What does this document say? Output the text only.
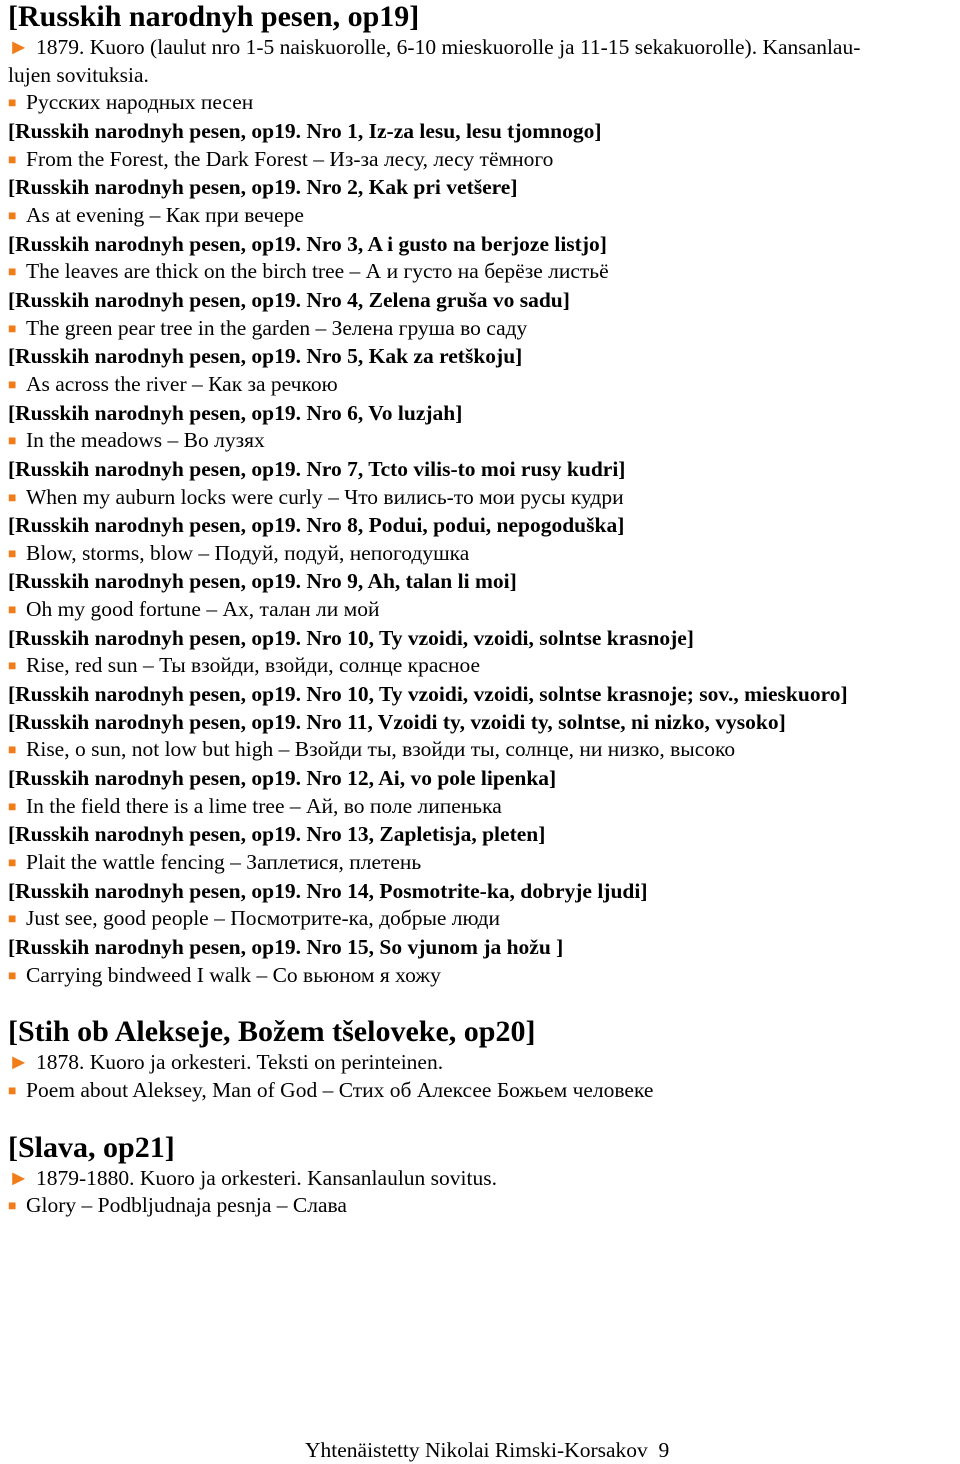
[Russkih narodnyh pesen, op19]
► 1879. Kuoro (laulut nro 1-5 naiskuorolle, 6-10 mieskuorolle ja 11-15 sekakuorolle). Kansanlau-
lujen sovituksia.
■ Русских народных песен
[Russkih narodnyh pesen, op19. Nro 1, Iz-za lesu, lesu tjomnogo]
■ From the Forest, the Dark Forest – Из-за лесу, лесу тёмного
[Russkih narodnyh pesen, op19. Nro 2, Kak pri vetšere]
■ As at evening – Как при вечере
[Russkih narodnyh pesen, op19. Nro 3, A i gusto na berjoze listjo]
■ The leaves are thick on the birch tree – А и густо на берёзе листьё
[Russkih narodnyh pesen, op19. Nro 4, Zelena gruša vo sadu]
■ The green pear tree in the garden – Зелена груша во саду
[Russkih narodnyh pesen, op19. Nro 5, Kak za retškoju]
■ As across the river – Как за речкою
[Russkih narodnyh pesen, op19. Nro 6, Vo luzjah]
■ In the meadows – Во лузях
[Russkih narodnyh pesen, op19. Nro 7, Tcto vilis-to moi rusy kudri]
■ When my auburn locks were curly – Что вились-то мои русы кудри
[Russkih narodnyh pesen, op19. Nro 8, Podui, podui, nepogoduška]
■ Blow, storms, blow – Подуй, подуй, непогодушка
[Russkih narodnyh pesen, op19. Nro 9, Ah, talan li moi]
■ Oh my good fortune – Ах, талан ли мой
[Russkih narodnyh pesen, op19. Nro 10, Ty vzoidi, vzoidi, solntse krasnoje]
■ Rise, red sun – Ты взойди, взойди, солнце красное
[Russkih narodnyh pesen, op19. Nro 10, Ty vzoidi, vzoidi, solntse krasnoje; sov., mieskuoro]
[Russkih narodnyh pesen, op19. Nro 11, Vzoidi ty, vzoidi ty, solntse, ni nizko, vysoko]
■ Rise, o sun, not low but high – Взойди ты, взойди ты, солнце, ни низко, высоко
[Russkih narodnyh pesen, op19. Nro 12, Ai, vo pole lipenka]
■ In the field there is a lime tree – Ай, во поле липенька
[Russkih narodnyh pesen, op19. Nro 13, Zapletisja, pleten]
■ Plait the wattle fencing – Заплетися, плетень
[Russkih narodnyh pesen, op19. Nro 14, Posmotrite-ka, dobryje ljudi]
■ Just see, good people – Посмотрите-ка, добрые люди
[Russkih narodnyh pesen, op19. Nro 15, So vjunom ja hožu ]
■ Carrying bindweed I walk – Со вьюном я хожу
[Stih ob Alekseje, Božem tšeloveke, op20]
► 1878. Kuoro ja orkesteri. Teksti on perinteinen.
■ Poem about Aleksey, Man of God – Стих об Алексее Божьем человеке
[Slava, op21]
► 1879-1880. Kuoro ja orkesteri. Kansanlaulun sovitus.
■ Glory – Podbljudnaja pesnja – Слава
Yhtenäistetty Nikolai Rimski-Korsakov 9
